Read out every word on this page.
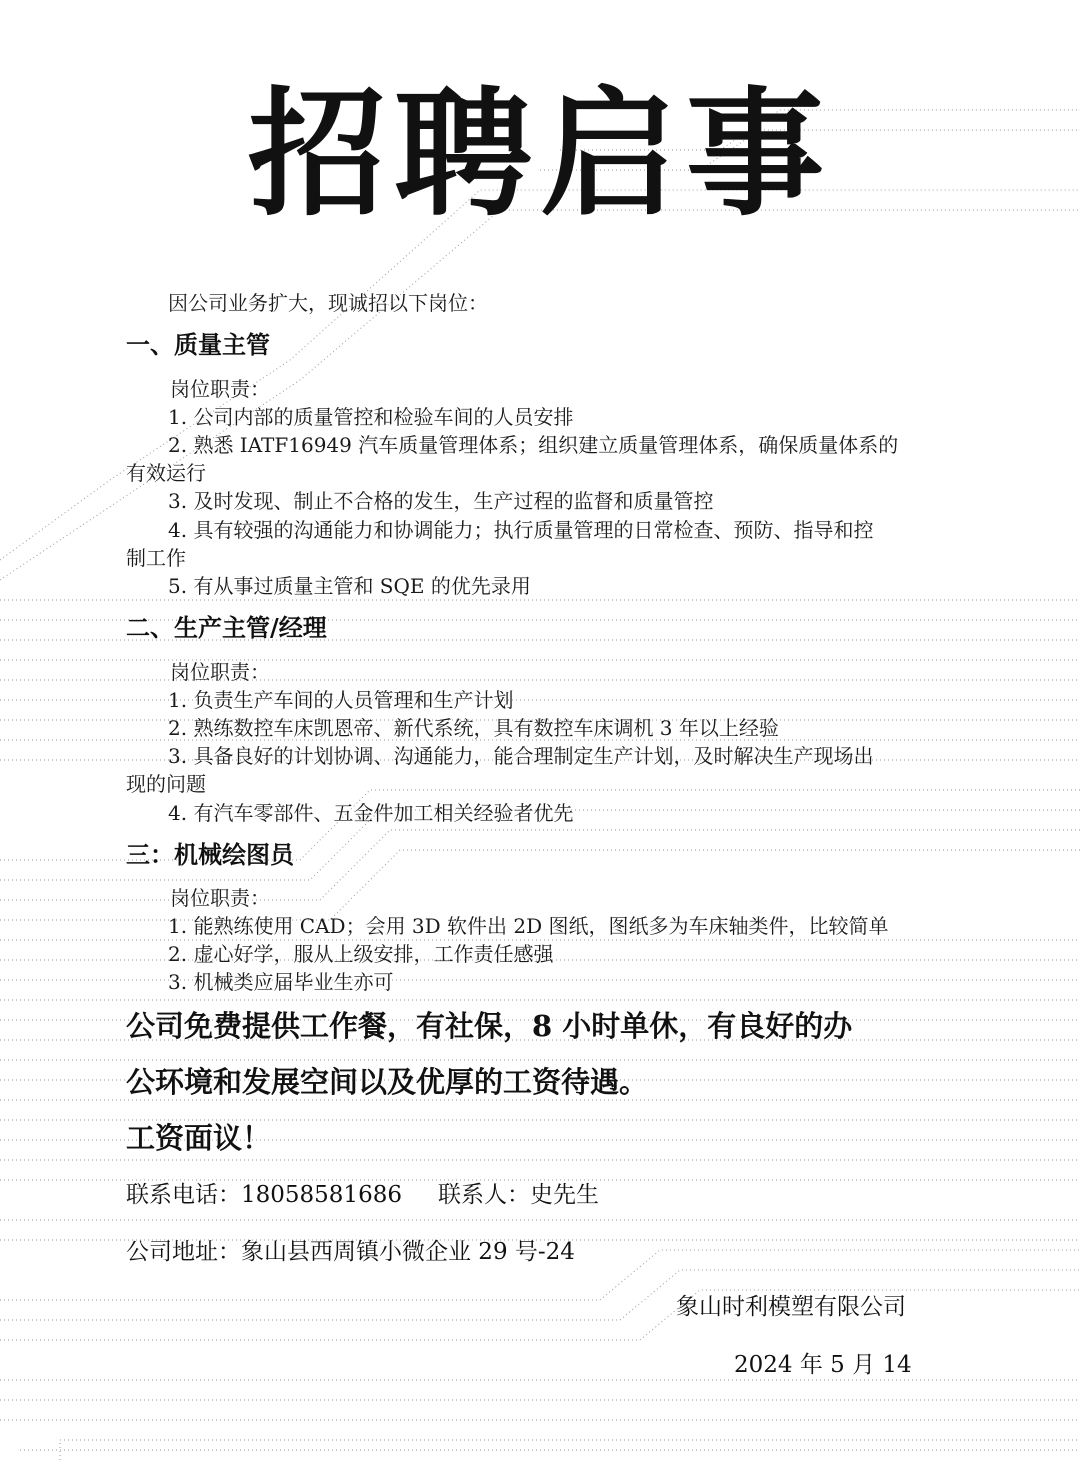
招聘启事
因公司业务扩大，现诚招以下岗位：
一、质量主管
岗位职责：
1. 公司内部的质量管控和检验车间的人员安排
2. 熟悉 IATF16949 汽车质量管理体系；组织建立质量管理体系，确保质量体系的
有效运行
3. 及时发现、制止不合格的发生，生产过程的监督和质量管控
4. 具有较强的沟通能力和协调能力；执行质量管理的日常检查、预防、指导和控
制工作
5. 有从事过质量主管和 SQE 的优先录用
二、生产主管/经理
岗位职责：
1. 负责生产车间的人员管理和生产计划
2. 熟练数控车床凯恩帝、新代系统，具有数控车床调机 3 年以上经验
3. 具备良好的计划协调、沟通能力，能合理制定生产计划，及时解决生产现场出
现的问题
4. 有汽车零部件、五金件加工相关经验者优先
三：机械绘图员
岗位职责：
1. 能熟练使用 CAD；会用 3D 软件出 2D 图纸，图纸多为车床轴类件，比较简单
2. 虚心好学，服从上级安排，工作责任感强
3. 机械类应届毕业生亦可
公司免费提供工作餐，有社保，8 小时单休，有良好的办
公环境和发展空间以及优厚的工资待遇。
工资面议！
联系电话：18058581686 联系人：史先生
公司地址：象山县西周镇小微企业 29 号-24
象山时利模塑有限公司
2024 年 5 月 14
